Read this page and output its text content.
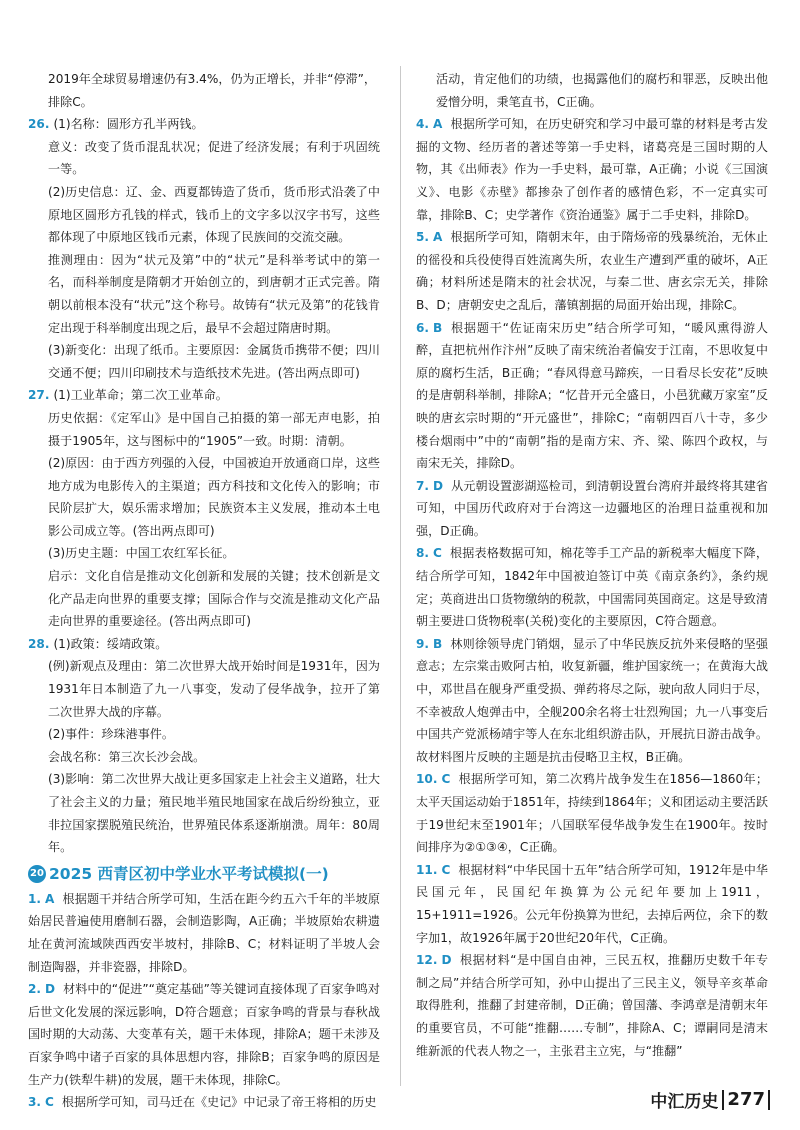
2019年全球贸易增速仍有3.4%，仍为正增长，并非“停滞”，
排除C。
26. (1)名称：圆形方孔半两钱。
意义：改变了货币混乱状况；促进了经济发展；有利于巩固统一等。
(2)历史信息：辽、金、西夏都铸造了货币，货币形式沿袭了中原地区圆形方孔钱的样式，钱币上的文字多以汉字书写，这些都体现了中原地区钱币元素，体现了民族间的交流交融。
推测理由：因为“状元及第”中的“状元”是科举考试中的第一名，而科举制度是隋朝才开始创立的，到唐朝才正式完善。隋朝以前根本没有“状元”这个称号。故铸有“状元及第”的花钱肯定出现于科举制度出现之后，最早不会超过隋唐时期。
(3)新变化：出现了纸币。主要原因：金属货币携带不便；四川交通不便；四川印刷技术与造纸技术先进。(答出两点即可)
27. (1)工业革命；第二次工业革命。
历史依据：《定军山》是中国自己拍摄的第一部无声电影，拍摄于1905年，这与图标中的“1905”一致。时期：清朝。
(2)原因：由于西方列强的入侵，中国被迫开放通商口岸，这些地方成为电影传入的主渠道；西方科技和文化传入的影响；市民阶层扩大，娱乐需求增加；民族资本主义发展，推动本土电影公司成立等。(答出两点即可)
(3)历史主题：中国工农红军长征。
启示：文化自信是推动文化创新和发展的关键；技术创新是文化产品走向世界的重要支撑；国际合作与交流是推动文化产品走向世界的重要途径。(答出两点即可)
28. (1)政策：绥靖政策。
(例)新观点及理由：第二次世界大战开始时间是1931年，因为1931年日本制造了九一八事变，发动了侵华战争，拉开了第二次世界大战的序幕。
(2)事件：珍珠港事件。
会战名称：第三次长沙会战。
(3)影响：第二次世界大战让更多国家走上社会主义道路，壮大了社会主义的力量；殖民地半殖民地国家在战后纷纷独立，亚非拉国家摆脱殖民统治，世界殖民体系逐渐崩溃。周年：80周年。
20 2025 西青区初中学业水平考试模拟(一)
1. A 根据题干并结合所学可知，生活在距今约五六千年的半坡原始居民普遍使用磨制石器，会制造影陶，A正确；半坡原始农耕遗址在黄河流域陕西西安半坡村，排除B、C；材料证明了半坡人会制造陶器，并非瓷器，排除D。
2. D 材料中的“促进”“奠定基础”等关键词直接体现了百家争鸣对后世文化发展的深远影响，D符合题意；百家争鸣的背景与春秋战国时期的大动荡、大变革有关，题干未体现，排除A；题干未涉及百家争鸣中诸子百家的具体思想内容，排除B；百家争鸣的原因是生产力(铁犁牛耕)的发展，题干未体现，排除C。
3. C 根据所学可知，司马迁在《史记》中记录了帝王将相的历史
活动，肯定他们的功绩，也揭露他们的腐朽和罪恶，反映出他爱憎分明，秉笔直书，C正确。
4. A 根据所学可知，在历史研究和学习中最可靠的材料是考古发掘的文物、经历者的著述等第一手史料，诸葛亮是三国时期的人物，其《出师表》作为一手史料，最可靠，A正确；小说《三国演义》、电影《赤壁》都掺杂了创作者的感情色彩，不一定真实可靠，排除B、C；史学著作《资治通鉴》属于二手史料，排除D。
5. A 根据所学可知，隋朝末年，由于隋炀帝的残暴统治，无休止的徭役和兵役使得百姓流离失所，农业生产遭到严重的破坏，A正确；材料所述是隋末的社会状况，与秦二世、唐玄宗无关，排除B、D；唐朝安史之乱后，藩镇割据的局面开始出现，排除C。
6. B 根据题干“佐证南宋历史”结合所学可知，“暖风熏得游人醉，直把杭州作汴州”反映了南宋统治者偏安于江南，不思收复中原的腐朽生活，B正确；“春风得意马蹄疾，一日看尽长安花”反映的是唐朝科举制，排除A；“忆昔开元全盛日，小邑犹藏万家室”反映的唐玄宗时期的“开元盛世”，排除C；“南朝四百八十寺，多少楼台烟雨中”中的“南朝”指的是南方宋、齐、梁、陈四个政权，与南宋无关，排除D。
7. D 从元朝设置澎湖巡检司，到清朝设置台湾府并最终将其建省可知，中国历代政府对于台湾这一边疆地区的治理日益重视和加强，D正确。
8. C 根据表格数据可知，棉花等手工产品的新税率大幅度下降，结合所学可知，1842年中国被迫签订中英《南京条约》，条约规定；英商进出口货物缴纳的税款，中国需同英国商定。这是导致清朝主要进口货物税率(关税)变化的主要原因，C符合题意。
9. B 林则徐领导虎门销烟，显示了中华民族反抗外来侵略的坚强意志；左宗棠击败阿古柏，收复新疆，维护国家统一；在黄海大战中，邓世昌在舰身严重受损、弹药将尽之际，驶向敌人同归于尽，不幸被敌人炮弹击中，全舰200余名将士壮烈殉国；九一八事变后中国共产党派杨靖宇等人在东北组织游击队，开展抗日游击战争。故材料图片反映的主题是抗击侵略卫主权，B正确。
10. C 根据所学可知，第二次鸦片战争发生在1856—1860年；太平天国运动始于1851年，持续到1864年；义和团运动主要活跃于19世纪末至1901年；八国联军侵华战争发生在1900年。按时间排序为②①③④，C正确。
11. C 根据材料“中华民国十五年”结合所学可知，1912年是中华民国元年，民国纪年换算为公元纪年要加上1911，15+1911=1926。公元年份换算为世纪，去掉后两位，余下的数字加1，故1926年属于20世纪20年代，C正确。
12. D 根据材料“是中国自由神，三民五权，推翻历史数千年专制之局”并结合所学可知，孙中山提出了三民主义，领导辛亥革命取得胜利，推翻了封建帝制，D正确；曾国藩、李鸿章是清朝末年的重要官员，不可能“推翻……专制”，排除A、C；谭嗣同是清末维新派的代表人物之一，主张君主立宪，与“推翻”
中汇历史 277
